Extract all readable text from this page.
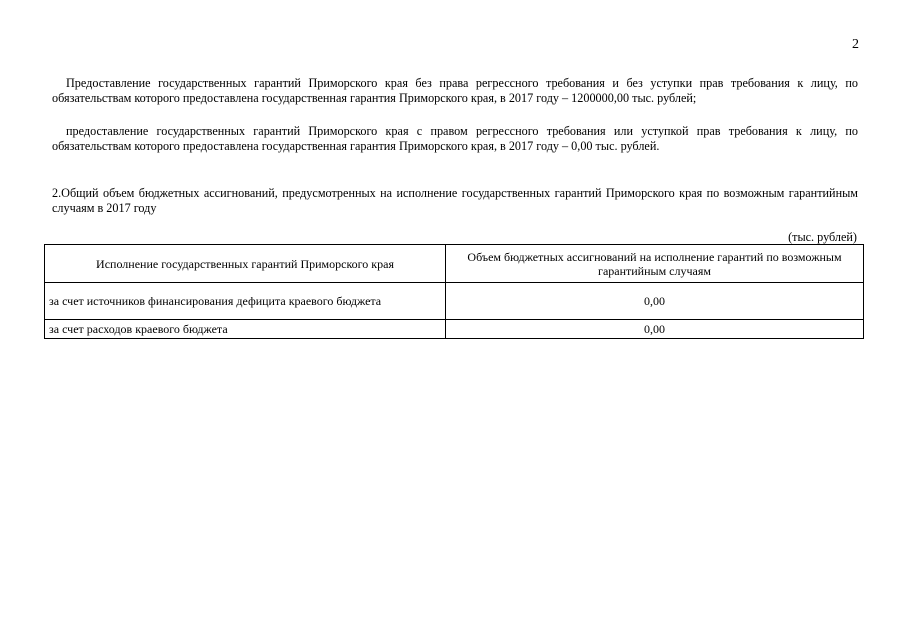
2
Предоставление государственных гарантий Приморского края без права регрессного требования и без уступки прав требования к лицу, по обязательствам которого предоставлена государственная гарантия Приморского края, в 2017 году – 1200000,00 тыс. рублей;
предоставление государственных гарантий Приморского края с правом регрессного требования или уступкой прав требования к лицу, по обязательствам которого предоставлена государственная гарантия Приморского края, в 2017 году – 0,00 тыс. рублей.
2.Общий объем бюджетных ассигнований, предусмотренных на исполнение государственных гарантий Приморского края по возможным гарантийным случаям в 2017 году
(тыс. рублей)
Исполнение государственных гарантий Приморского края	Объем бюджетных ассигнований на исполнение гарантий по возможным гарантийным случаям
за счет источников финансирования дефицита краевого бюджета	0,00
за счет расходов краевого бюджета	0,00
